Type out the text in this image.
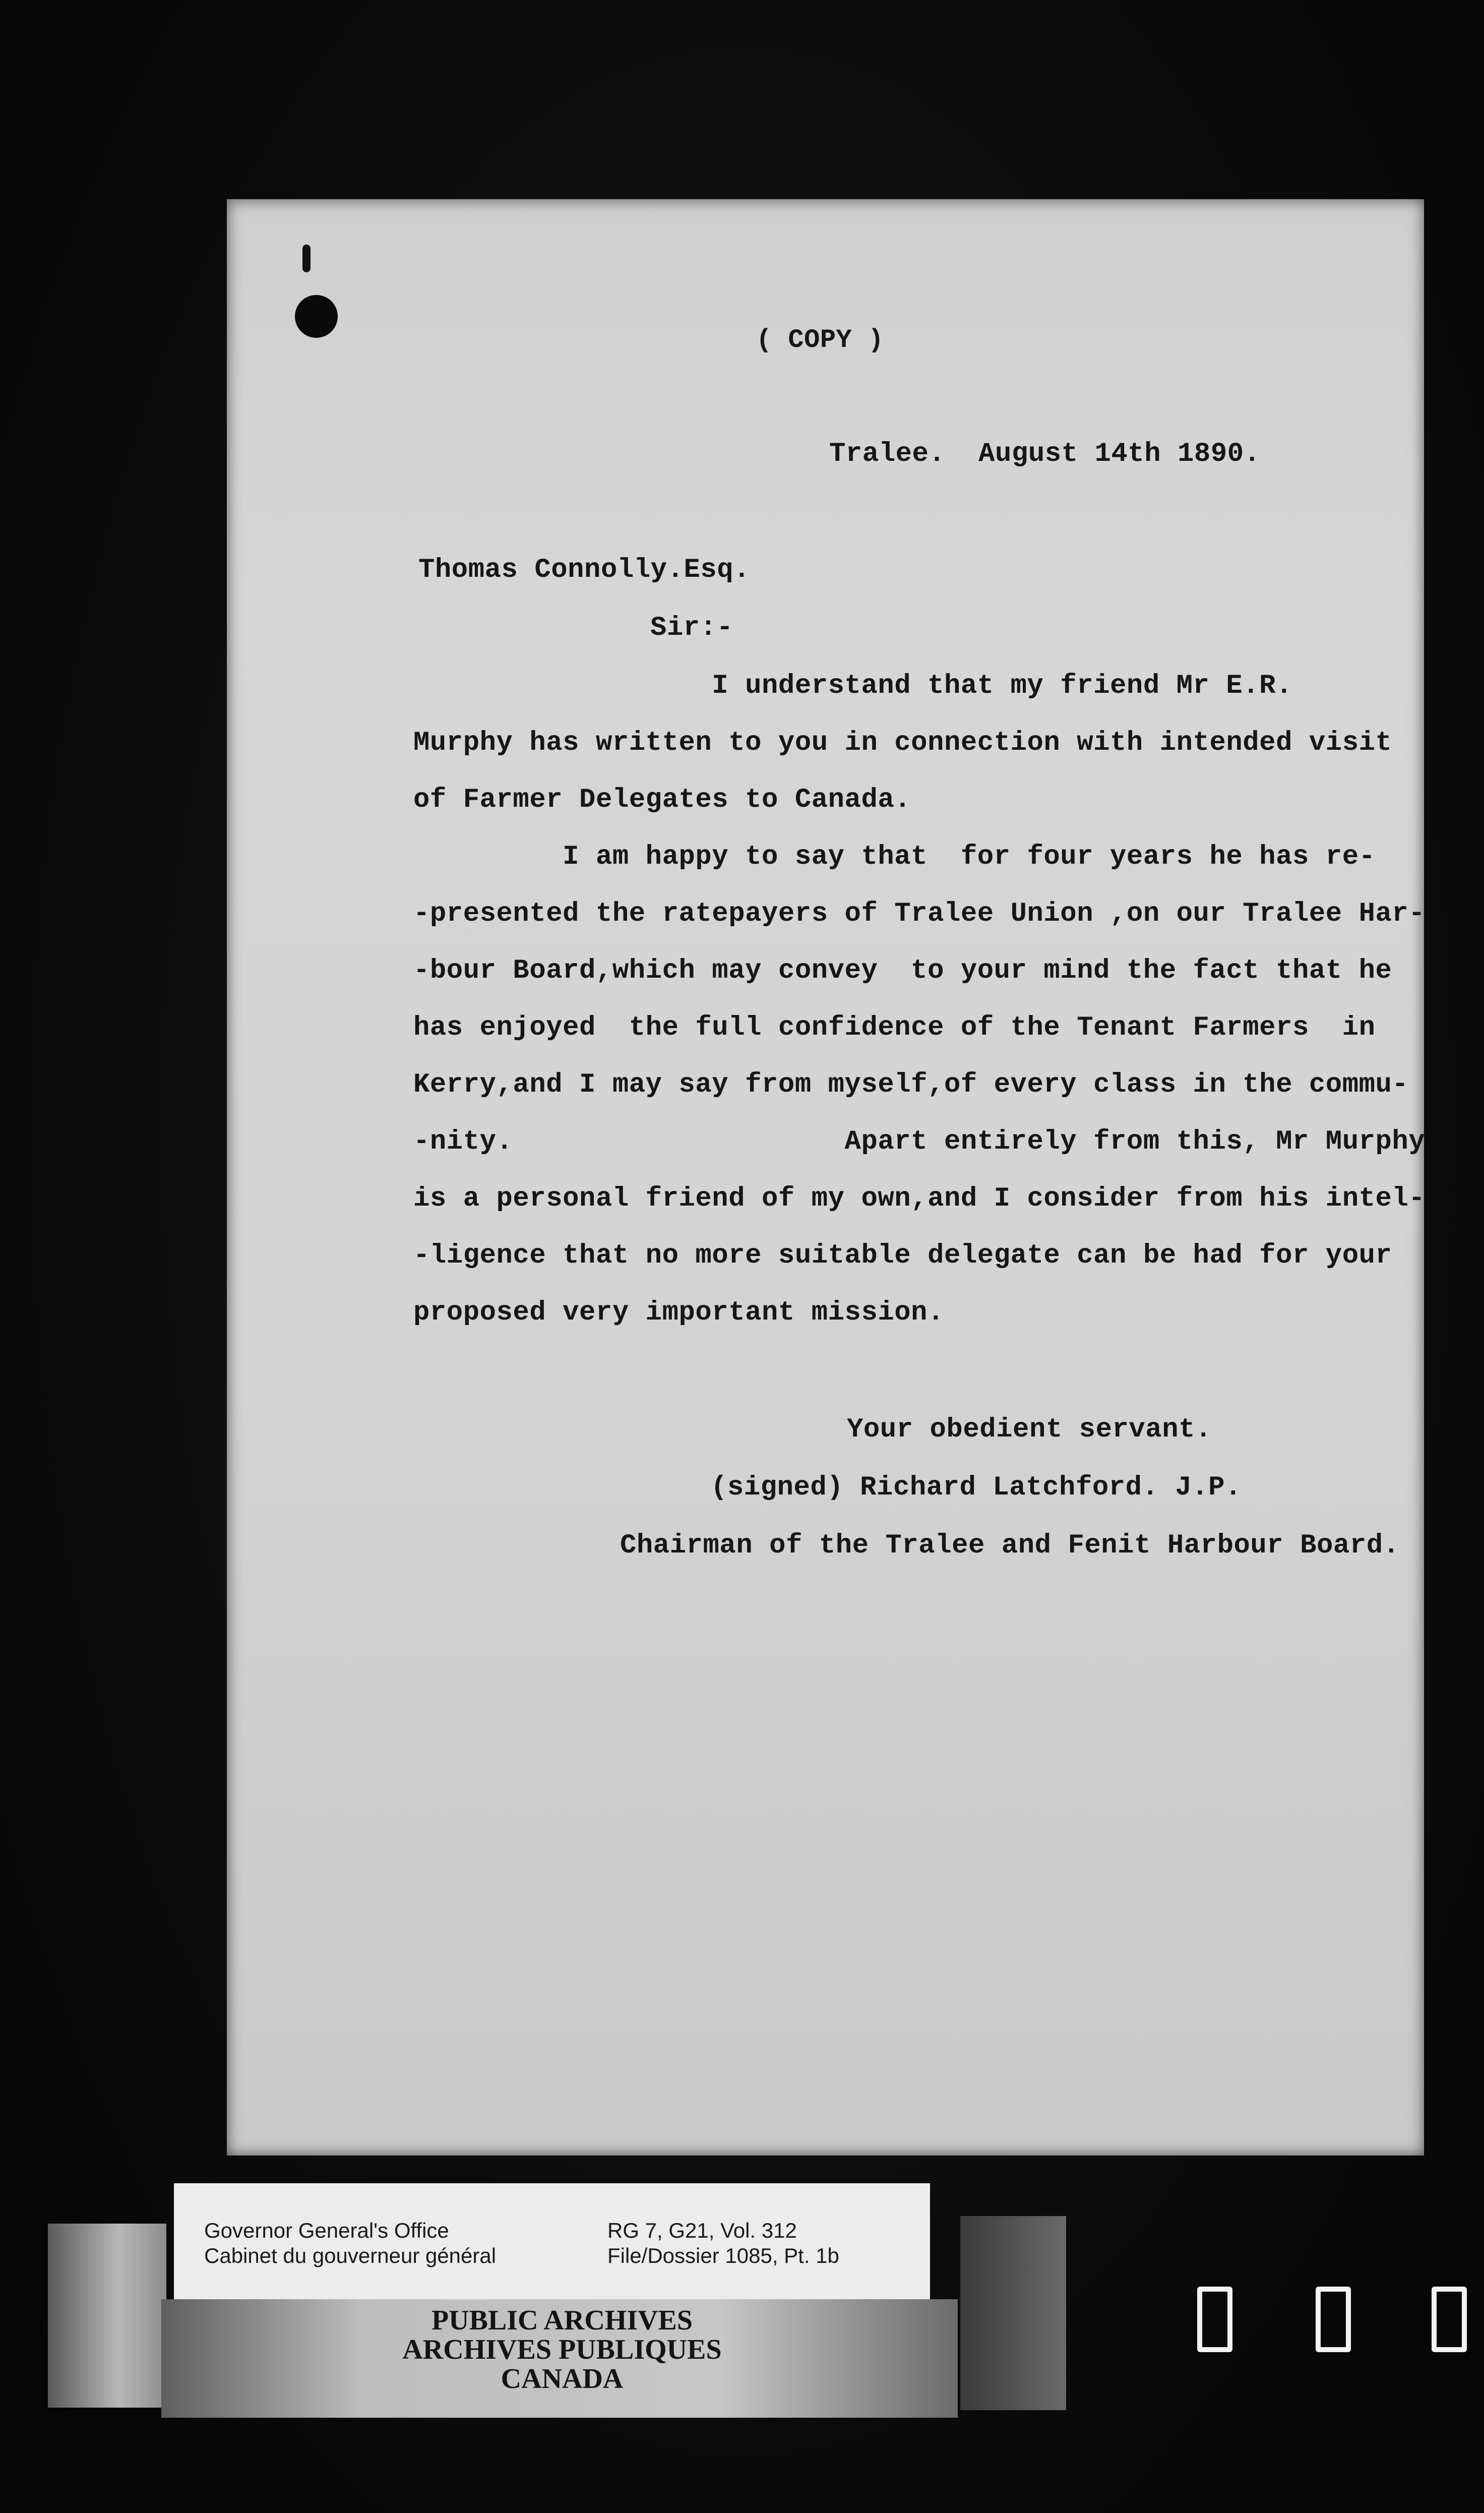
( COPY )
Tralee.  August 14th 1890.
Thomas Connolly.Esq.
Sir:-
I understand that my friend Mr E.R.
Murphy has written to you in connection with intended visit
of Farmer Delegates to Canada.
I am happy to say that  for four years he has re-
-presented the ratepayers of Tralee Union ,on our Tralee Har-
-bour Board,which may convey  to your mind the fact that he
has enjoyed  the full confidence of the Tenant Farmers  in
Kerry,and I may say from myself,of every class in the commu-
-nity.                    Apart entirely from this, Mr Murphy
is a personal friend of my own,and I consider from his intel-
-ligence that no more suitable delegate can be had for your
proposed very important mission.
Your obedient servant.
(signed) Richard Latchford. J.P.
Chairman of the Tralee and Fenit Harbour Board.
Governor General's Office
Cabinet du gouverneur général
RG 7, G21, Vol. 312
File/Dossier 1085, Pt. 1b
PUBLIC ARCHIVES
ARCHIVES PUBLIQUES
CANADA
